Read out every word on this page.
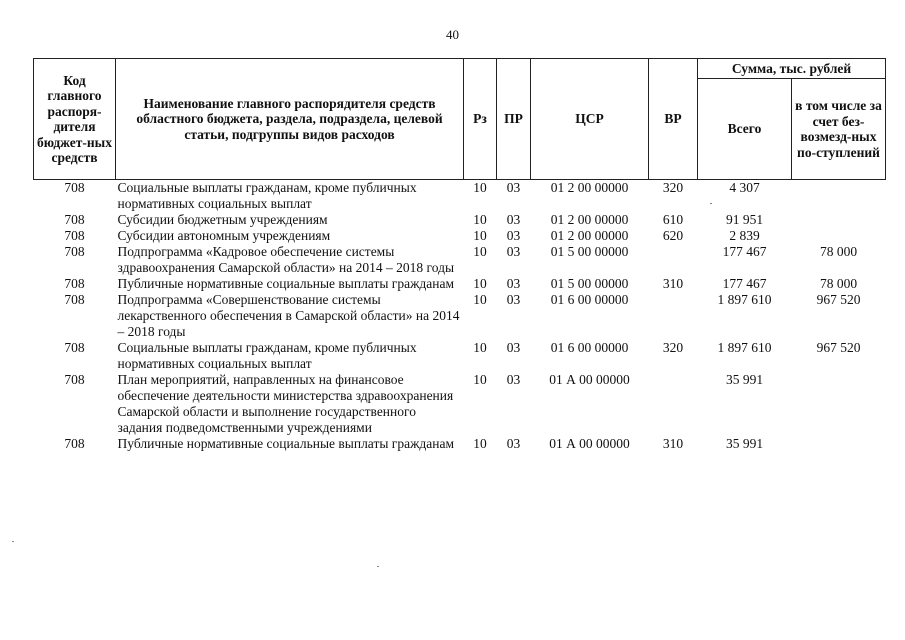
40
Код главного распоря-дителя бюджет-ных средств	Наименование главного распорядителя средств областного бюджета, раздела, подраздела, целевой статьи, подгруппы видов расходов	Рз	ПР	ЦСР	ВР	Сумма, тыс. рублей	
						Всего	в том числе за счет без-возмезд-ных по-ступлений
708	Социальные выплаты гражданам, кроме публичных нормативных социальных выплат	10	03	01 2 00 00000	320	4 307	
708	Субсидии бюджетным учреждениям	10	03	01 2 00 00000	610	91 951	
708	Субсидии автономным учреждениям	10	03	01 2 00 00000	620	2 839	
708	Подпрограмма «Кадровое обеспечение системы здравоохранения Самарской области» на 2014 – 2018 годы	10	03	01 5 00 00000		177 467	78 000
708	Публичные нормативные социальные выплаты гражданам	10	03	01 5 00 00000	310	177 467	78 000
708	Подпрограмма «Совершенствование системы лекарственного обеспечения в Самарской области» на 2014 – 2018 годы	10	03	01 6 00 00000		1 897 610	967 520
708	Социальные выплаты гражданам, кроме публичных нормативных социальных выплат	10	03	01 6 00 00000	320	1 897 610	967 520
708	План мероприятий, направленных на финансовое обеспечение деятельности министерства здравоохранения Самарской области и выполнение государственного задания подведомственными учреждениями	10	03	01 А 00 00000		35 991	
708	Публичные нормативные социальные выплаты гражданам	10	03	01 А 00 00000	310	35 991	
